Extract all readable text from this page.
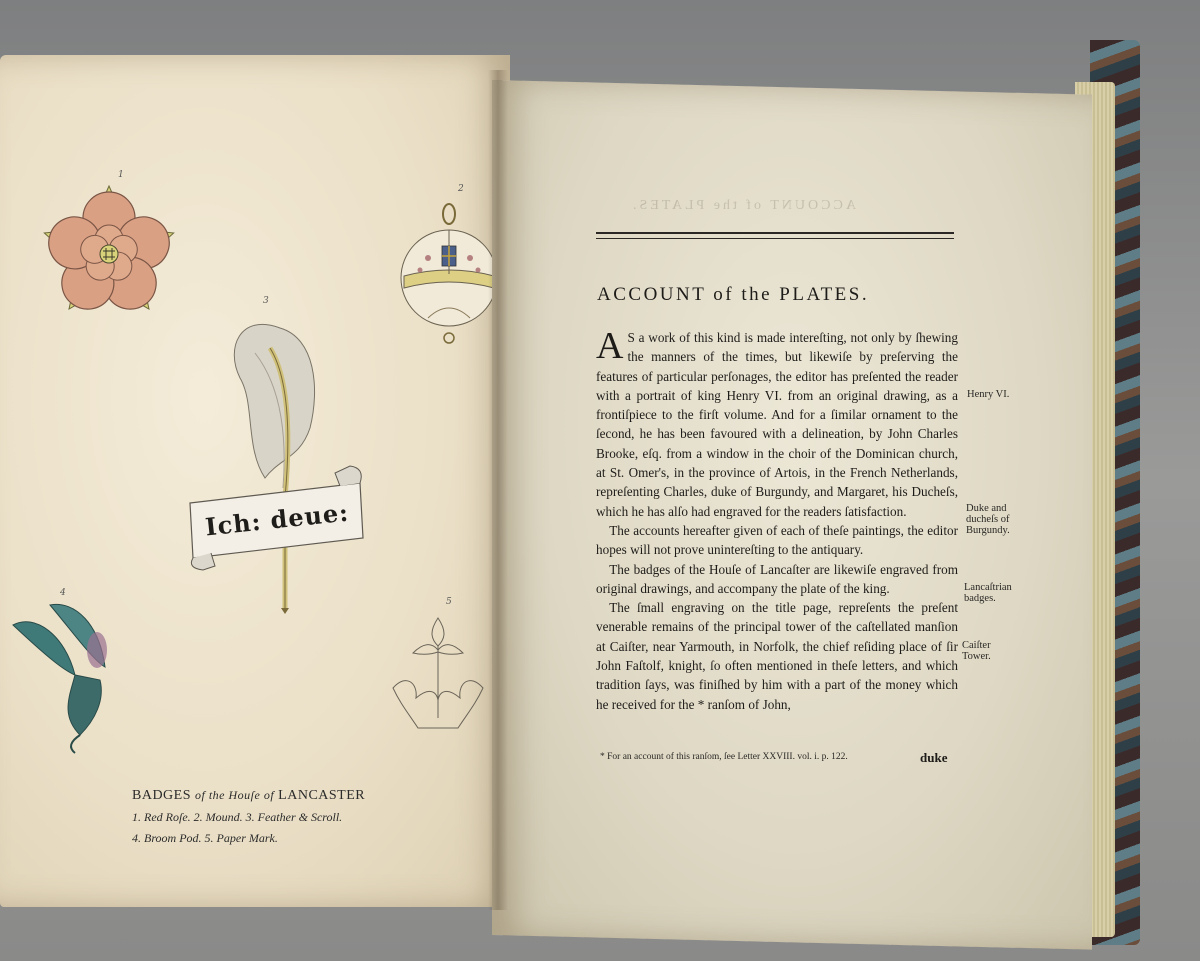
1
2
3
4
5
Ich: deue:
BADGES of the Houſe of LANCASTER
1. Red Roſe. 2. Mound. 3. Feather & Scroll.
4. Broom Pod. 5. Paper Mark.
ACCOUNT of the PLATES.
ACCOUNT of the PLATES.

A S a work of this kind is made intereſting, not only by ſhewing the manners of the times, but likewiſe by preſerving the features of particular perſonages, the editor has preſented the reader with a portrait of king Henry VI. from an original drawing, as a frontiſpiece to the firſt volume. And for a ſimilar ornament to the ſecond, he has been favoured with a delineation, by John Charles Brooke, eſq. from a window in the choir of the Dominican church, at St. Omer's, in the province of Artois, in the French Netherlands, repreſenting Charles, duke of Burgundy, and Margaret, his Ducheſs, which he has alſo had engraved for the readers ſatisfaction.

The accounts hereafter given of each of theſe paintings, the editor hopes will not prove unintereſting to the antiquary.

The badges of the Houſe of Lancaſter are likewiſe engraved from original drawings, and accompany the plate of the king.

The ſmall engraving on the title page, repreſents the preſent venerable remains of the principal tower of the caſtellated manſion at Caiſter, near Yarmouth, in Norfolk, the chief reſiding place of ſir John Faſtolf, knight, ſo often mentioned in theſe letters, and which tradition ſays, was finiſhed by him with a part of the money which he received for the * ranſom of John,

Henry VI.
Duke and ducheſs of Burgundy.
Lancaſtrian badges.
Caiſter Tower.
* For an account of this ranſom, ſee Letter XXVIII. vol. i. p. 122.	duke
